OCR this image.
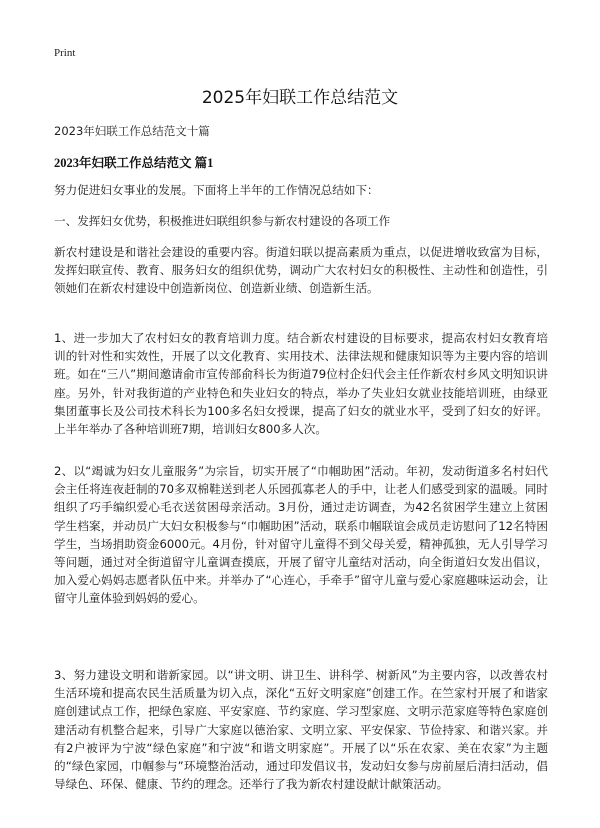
Print
2025年妇联工作总结范文
2023年妇联工作总结范文十篇
2023年妇联工作总结范文 篇1

努力促进妇女事业的发展。下面将上半年的工作情况总结如下：

一、发挥妇女优势，积极推进妇联组织参与新农村建设的各项工作

新农村建设是和谐社会建设的重要内容。街道妇联以提高素质为重点，以促进增收致富为目标，发挥妇联宣传、教育、服务妇女的组织优势，调动广大农村妇女的积极性、主动性和创造性，引领她们在新农村建设中创造新岗位、创造新业绩、创造新生活。

1、进一步加大了农村妇女的教育培训力度。结合新农村建设的目标要求，提高农村妇女教育培训的针对性和实效性，开展了以文化教育、实用技术、法律法规和健康知识等为主要内容的培训班。如在“三八”期间邀请俞市宣传部俞科长为街道79位村企妇代会主任作新农村乡风文明知识讲座。另外，针对我街道的产业特色和失业妇女的特点，举办了失业妇女就业技能培训班，由绿亚集团董事长及公司技术科长为100多名妇女授课，提高了妇女的就业水平，受到了妇女的好评。上半年举办了各种培训班7期，培训妇女800多人次。

2、以“竭诚为妇女儿童服务”为宗旨，切实开展了“巾帼助困”活动。年初，发动街道多名村妇代会主任将连夜赶制的70多双棉鞋送到老人乐园孤寡老人的手中，让老人们感受到家的温暖。同时组织了巧手编织爱心毛衣送贫困母亲活动。3月份，通过走访调查，为42名贫困学生建立上贫困学生档案，并动员广大妇女积极参与“巾帼助困”活动，联系巾帼联谊会成员走访慰问了12名特困学生，当场捐助资金6000元。4月份，针对留守儿童得不到父母关爱，精神孤独，无人引导学习等问题，通过对全街道留守儿童调查摸底，开展了留守儿童结对活动，向全街道妇女发出倡议，加入爱心妈妈志愿者队伍中来。并举办了“心连心，手牵手”留守儿童与爱心家庭趣味运动会，让留守儿童体验到妈妈的爱心。

3、努力建设文明和谐新家园。以“讲文明、讲卫生、讲科学、树新风”为主要内容，以改善农村生活环境和提高农民生活质量为切入点，深化“五好文明家庭”创建工作。在竺家村开展了和谐家庭创建试点工作，把绿色家庭、平安家庭、节约家庭、学习型家庭、文明示范家庭等特色家庭创建活动有机整合起来，引导广大家庭以德治家、文明立家、平安保家、节俭持家、和谐兴家。并有2户被评为宁波“绿色家庭”和宁波“和谐文明家庭”。开展了以“乐在农家、美在农家”为主题的“绿色家园，巾帼参与”环境整治活动，通过印发倡议书，发动妇女参与房前屋后清扫活动，倡导绿色、环保、健康、节约的理念。还举行了我为新农村建设献计献策活动。
